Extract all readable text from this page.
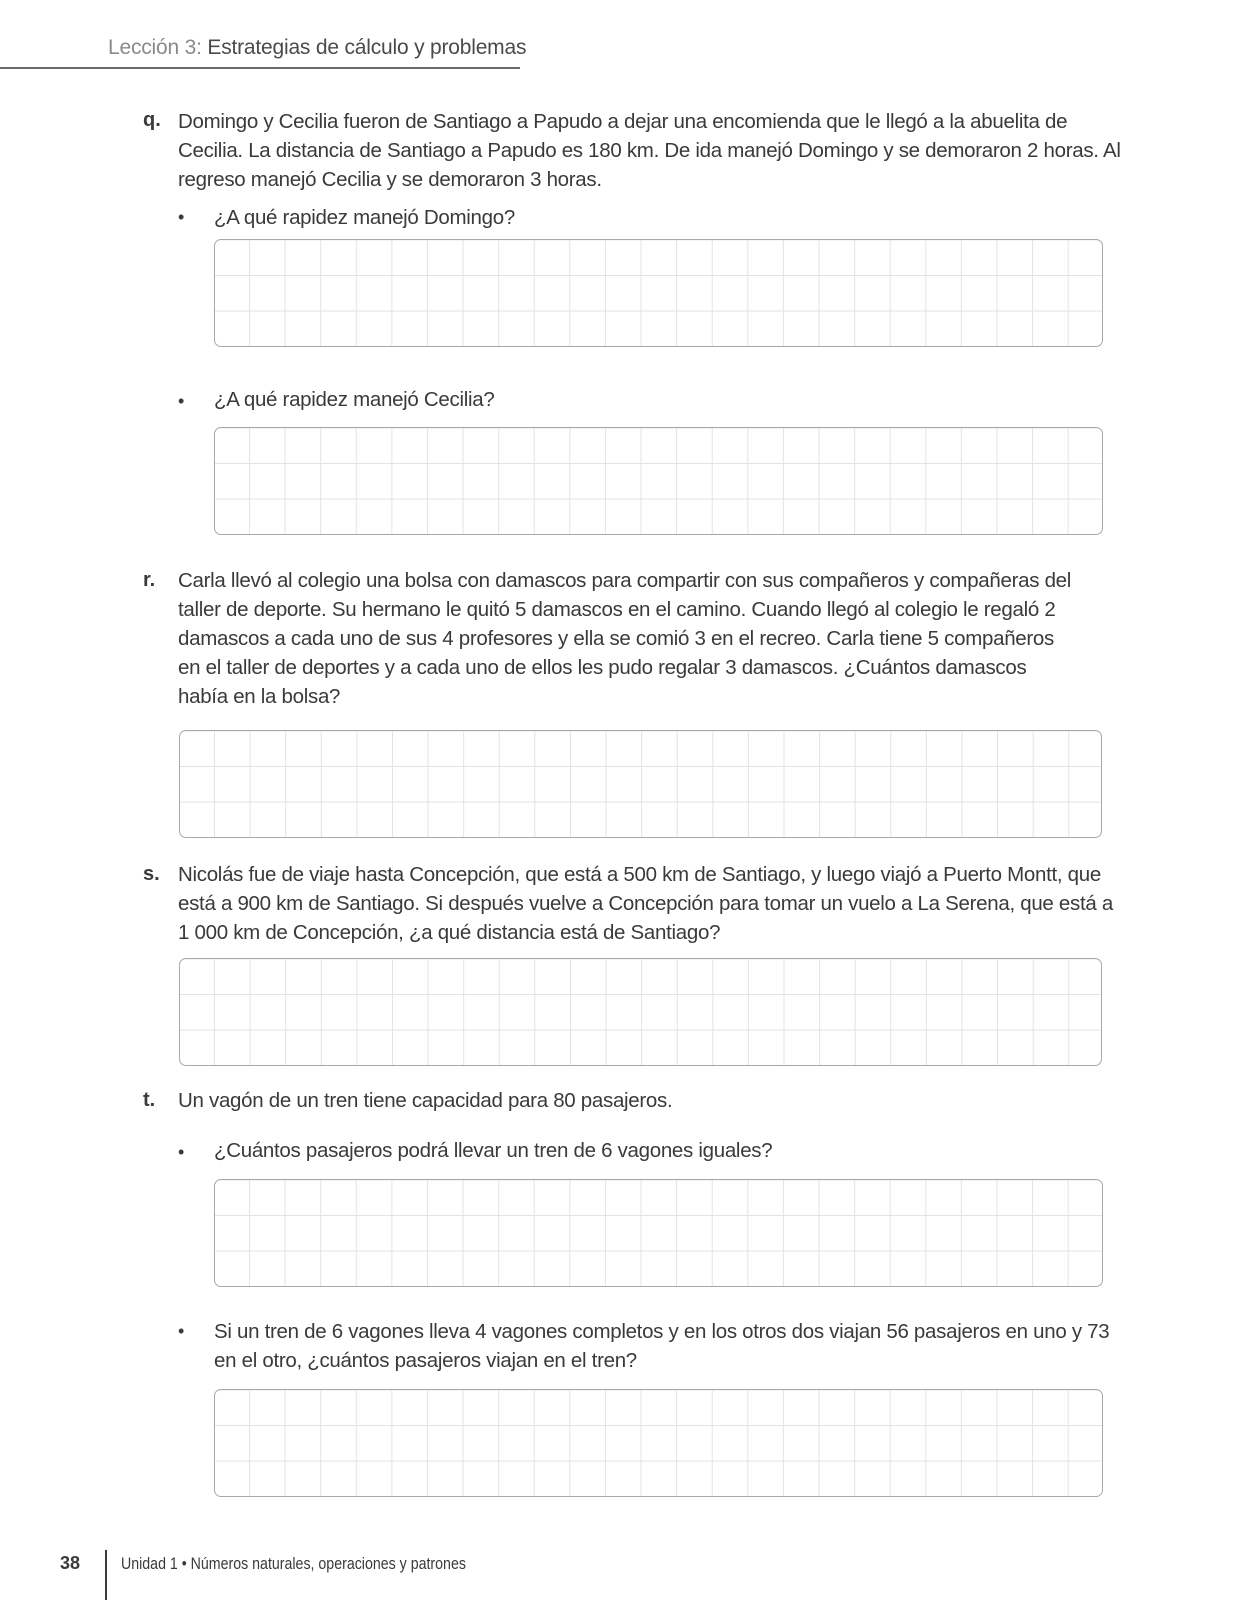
Lección 3: Estrategias de cálculo y problemas
q. Domingo y Cecilia fueron de Santiago a Papudo a dejar una encomienda que le llegó a la abuelita de Cecilia. La distancia de Santiago a Papudo es 180 km. De ida manejó Domingo y se demoraron 2 horas. Al regreso manejó Cecilia y se demoraron 3 horas.
• ¿A qué rapidez manejó Domingo?
• ¿A qué rapidez manejó Cecilia?
r. Carla llevó al colegio una bolsa con damascos para compartir con sus compañeros y compañeras del taller de deporte. Su hermano le quitó 5 damascos en el camino. Cuando llegó al colegio le regaló 2 damascos a cada uno de sus 4 profesores y ella se comió 3 en el recreo. Carla tiene 5 compañeros en el taller de deportes y a cada uno de ellos les pudo regalar 3 damascos. ¿Cuántos damascos había en la bolsa?
s. Nicolás fue de viaje hasta Concepción, que está a 500 km de Santiago, y luego viajó a Puerto Montt, que está a 900 km de Santiago. Si después vuelve a Concepción para tomar un vuelo a La Serena, que está a 1 000 km de Concepción, ¿a qué distancia está de Santiago?
t. Un vagón de un tren tiene capacidad para 80 pasajeros.
• ¿Cuántos pasajeros podrá llevar un tren de 6 vagones iguales?
• Si un tren de 6 vagones lleva 4 vagones completos y en los otros dos viajan 56 pasajeros en uno y 73 en el otro, ¿cuántos pasajeros viajan en el tren?
38 Unidad 1 • Números naturales, operaciones y patrones
